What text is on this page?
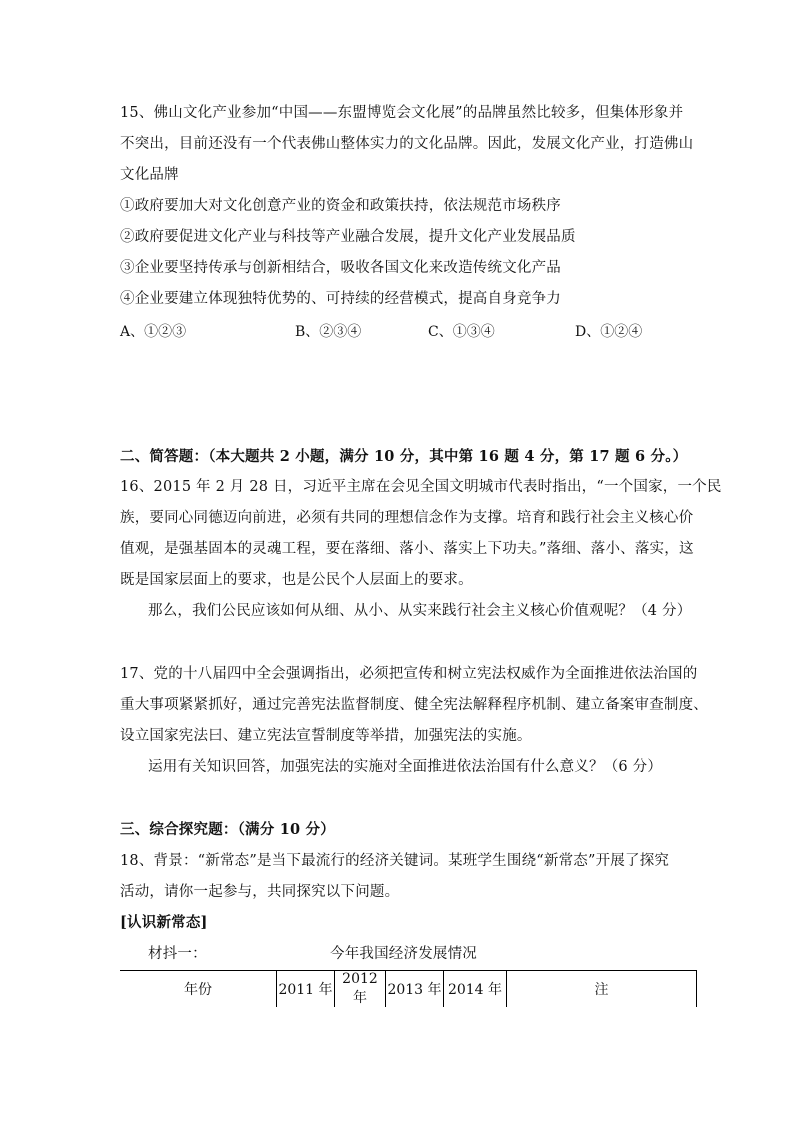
15、佛山文化产业参加“中国——东盟博览会文化展”的品牌虽然比较多，但集体形象并
不突出，目前还没有一个代表佛山整体实力的文化品牌。因此，发展文化产业，打造佛山
文化品牌
①政府要加大对文化创意产业的资金和政策扶持，依法规范市场秩序
②政府要促进文化产业与科技等产业融合发展，提升文化产业发展品质
③企业要坚持传承与创新相结合，吸收各国文化来改造传统文化产品
④企业要建立体现独特优势的、可持续的经营模式，提高自身竞争力
A、①②③	B、②③④	C、①③④	D、①②④
二、简答题：（本大题共 2 小题，满分 10 分，其中第 16 题 4 分，第 17 题 6 分。）
16、2015 年 2 月 28 日，习近平主席在会见全国文明城市代表时指出，“一个国家，一个民
族，要同心同德迈向前进，必须有共同的理想信念作为支撑。培育和践行社会主义核心价
值观，是强基固本的灵魂工程，要在落细、落小、落实上下功夫。”落细、落小、落实，这
既是国家层面上的要求，也是公民个人层面上的要求。
那么，我们公民应该如何从细、从小、从实来践行社会主义核心价值观呢？（4 分）
17、党的十八届四中全会强调指出，必须把宣传和树立宪法权威作为全面推进依法治国的
重大事项紧紧抓好，通过完善宪法监督制度、健全宪法解释程序机制、建立备案审查制度、
设立国家宪法曰、建立宪法宣誓制度等举措，加强宪法的实施。
运用有关知识回答，加强宪法的实施对全面推进依法治国有什么意义？（6 分）
三、综合探究题：（满分 10 分）
18、背景：“新常态”是当下最流行的经济关键词。某班学生围绕“新常态”开展了探究
活动，请你一起参与，共同探究以下问题。
[认识新常态]
材抖一：	今年我国经济发展情况
年份	2011 年	2012 年	2013 年	2014 年	注
